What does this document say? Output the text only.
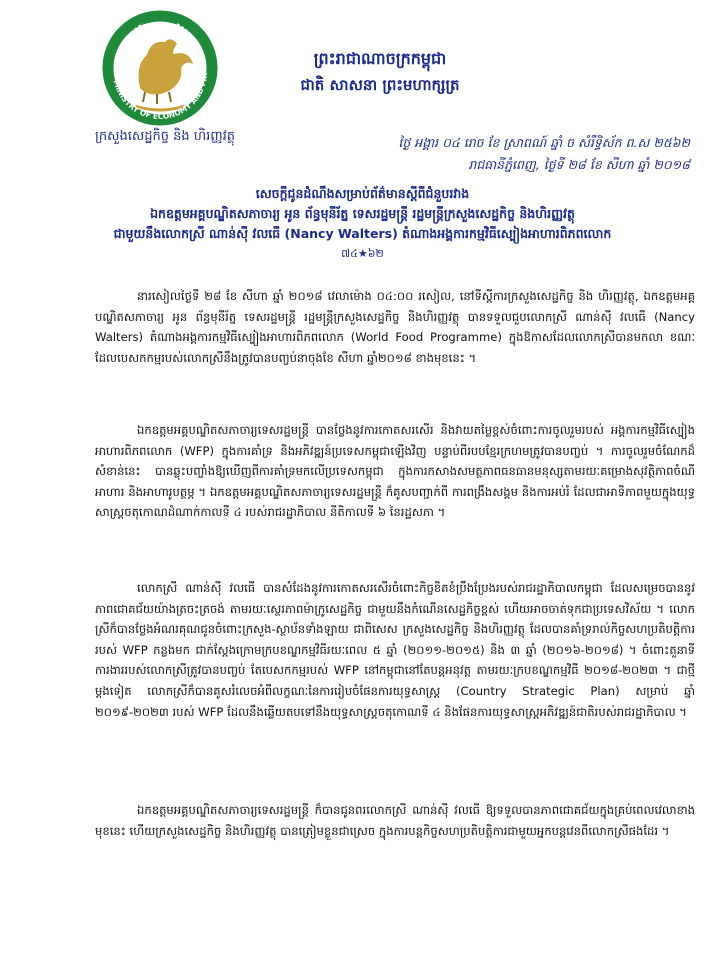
MINISTRY OF ECONOMY AND FIN
ក្រសួងសេដ្ឋកិច្ច និង ហិរញ្ញវត្ថុ
ព្រះរាជាណាចក្រកម្ពុជា
ជាតិ សាសនា ព្រះមហាក្សត្រ
ថ្ងៃ អង្គារ ០៤ រោច ខែ ស្រាពណ៍ ឆ្នាំ ច សំរឹទ្ធិស័ក ព.ស ២៥៦២
រាជធានីភ្នំពេញ, ថ្ងៃទី ២៨ ខែ សីហា ឆ្នាំ ២០១៨
សេចក្តីជូនដំណឹងសម្រាប់ព័ត៌មានស្តីពីជំនួបរវាង
ឯកឧត្តមអគ្គបណ្ឌិតសភាចារ្យ អូន ព័ន្ធមុនីរ័ត្ន ទេសរដ្ឋមន្ត្រី រដ្ឋមន្ត្រីក្រសួងសេដ្ឋកិច្ច និងហិរញ្ញវត្ថុ
ជាមួយនឹងលោកស្រី ណាន់ស៊ី វលធើ (Nancy Walters) តំណាងអង្គការកម្មវិធីស្បៀងអាហារពិភពលោក
៧៤★៦២
នារសៀលថ្ងៃទី ២៨ ខែ សីហា ឆ្នាំ ២០១៨ វេលាម៉ោង ០៤:០០ រសៀល, នៅទីស្តីការក្រសួងសេដ្ឋកិច្ច និង ហិរញ្ញវត្ថុ, ឯកឧត្តមអគ្គបណ្ឌិតសភាចារ្យ អូន ព័ន្ធមុនីរ័ត្ន ទេសរដ្ឋមន្ត្រី រដ្ឋមន្ត្រីក្រសួងសេដ្ឋកិច្ច និងហិរញ្ញវត្ថុ បានទទួលជួបលោកស្រី ណាន់ស៊ី វលធើ (Nancy Walters) តំណាងអង្គការកម្មវិធីស្បៀងអាហារពិភពលោក (World Food Programme) ក្នុងឱកាសដែលលោកស្រីបានមកលា ខណៈដែលបេសកកម្មរបស់លោកស្រីនឹងត្រូវបានបញ្ចប់នាចុងខែ សីហា ឆ្នាំ២០១៨ ខាងមុខនេះ ។
ឯកឧត្តមអគ្គបណ្ឌិតសភាចារ្យទេសរដ្ឋមន្ត្រី បានថ្លែងនូវការកោតសរសើរ និងវាយតម្លៃខ្ពស់ចំពោះការចូលរួមរបស់ អង្គការកម្មវិធីស្បៀងអាហារពិភពលោក (WFP) ក្នុងការគាំទ្រ និងអភិវឌ្ឍន៍ប្រទេសកម្ពុជាឡើងវិញ បន្ទាប់ពីរបបខ្មែរក្រហមត្រូវបានបញ្ចប់ ។ ការចូលរួមចំណែកដ៏សំខាន់នេះ បានឆ្លុះបញ្ចាំងឱ្យឃើញពីការគាំទ្រមកលើប្រទេសកម្ពុជា ក្នុងការកសាងសមត្ថភាពធនធានមនុស្សតាមរយៈគម្រោងសុវត្ថិភាពចំណីអាហារ និងអាហារូបត្ថម្ភ ។ ឯកឧត្តមអគ្គបណ្ឌិតសភាចារ្យទេសរដ្ឋមន្ត្រី ក៏គូសបញ្ជាក់ពី ការពង្រឹងសង្គម និងការអប់រំ ដែលជាអាទិភាពមួយក្នុងយុទ្ធសាស្ត្រចតុកោណដំណាក់កាលទី ៤ របស់រាជរដ្ឋាភិបាល នីតិកាលទី ៦ នៃរដ្ឋសភា ។
លោកស្រី ណាន់ស៊ី វលធើ បានសំដែងនូវការកោតសរសើរចំពោះកិច្ចខិតខំប្រឹងប្រែងរបស់រាជរដ្ឋាភិបាលកម្ពុជា ដែលសម្រេចបាននូវភាពជោគជ័យយ៉ាងត្រចះត្រចង់ តាមរយៈស្ថេរភាពម៉ាក្រូសេដ្ឋកិច្ច ជាមួយនឹងកំណើនសេដ្ឋកិច្ចខ្ពស់ ហើយអាចចាត់ទុកជាប្រទេសវិស័យ ។ លោកស្រីក៏បានថ្លែងអំណរគុណជូនចំពោះក្រសួង-ស្ថាប័នទាំងឡាយ ជាពិសេស ក្រសួងសេដ្ឋកិច្ច និងហិរញ្ញវត្ថុ ដែលបានគាំទ្ររាល់កិច្ចសហប្រតិបត្តិការរបស់ WFP កន្លងមក ជាក់ស្តែងក្រោមក្របខណ្ឌកម្មវិធីរយៈពេល ៥ ឆ្នាំ (២០១១-២០១៥) និង ៣ ឆ្នាំ (២០១៦-២០១៨) ។ ចំពោះតួនាទីការងាររបស់លោកស្រីត្រូវបានបញ្ចប់ តែបេសកកម្មរបស់ WFP នៅកម្ពុជានៅតែបន្តអនុវត្ត តាមរយៈក្របខណ្ឌកម្មវិធី ២០១៨-២០២៣ ។ ជាថ្មីម្តងទៀត លោកស្រីក៏បានគូសរំលេចអំពីលក្ខណៈនៃការរៀបចំផែនការយុទ្ធសាស្ត្រ (Country Strategic Plan) សម្រាប់ ឆ្នាំ ២០១៩-២០២៣ របស់ WFP ដែលនឹងឆ្លើយតបទៅនឹងយុទ្ធសាស្ត្រចតុកោណទី ៤ និងផែនការយុទ្ធសាស្ត្រអភិវឌ្ឍន៍ជាតិរបស់រាជរដ្ឋាភិបាល ។
ឯកឧត្តមអគ្គបណ្ឌិតសភាចារ្យទេសរដ្ឋមន្ត្រី ក៏បានជូនពរលោកស្រី ណាន់ស៊ី វលធើ ឱ្យទទួលបានភាពជោគជ័យក្នុងគ្រប់ពេលវេលាខាងមុខនេះ ហើយក្រសួងសេដ្ឋកិច្ច និងហិរញ្ញវត្ថុ បានត្រៀមខ្លួនជាស្រេច ក្នុងការបន្តកិច្ចសហប្រតិបត្តិការជាមួយអ្នកបន្តវេនពីលោកស្រីផងដែរ ។
